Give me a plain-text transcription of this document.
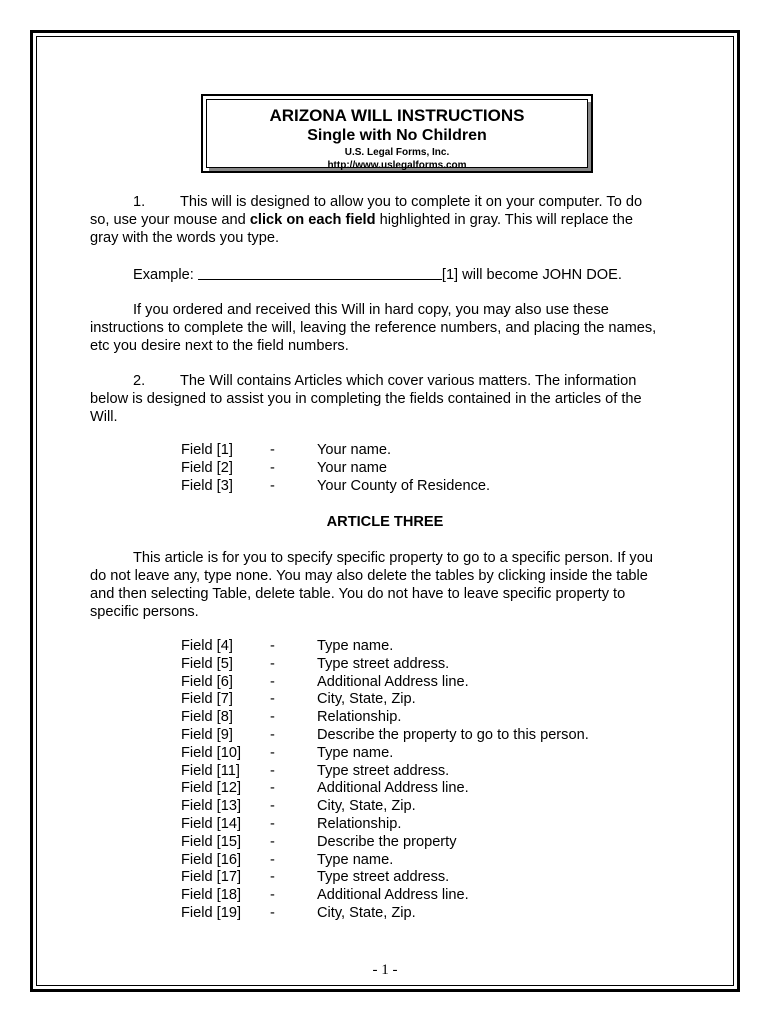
ARIZONA WILL INSTRUCTIONS
Single with No Children
U.S. Legal Forms, Inc.
http://www.uslegalforms.com
1. This will is designed to allow you to complete it on your computer. To do
so, use your mouse and click on each field highlighted in gray. This will replace the
gray with the words you type.
Example:	[1] will become JOHN DOE.
If you ordered and received this Will in hard copy, you may also use these
instructions to complete the will, leaving the reference numbers, and placing the names,
etc you desire next to the field numbers.
2. The Will contains Articles which cover various matters. The information
below is designed to assist you in completing the fields contained in the articles of the
Will.
Field [1]	-	Your name.
Field [2]	-	Your name
Field [3]	-	Your County of Residence.
ARTICLE THREE
This article is for you to specify specific property to go to a specific person. If you
do not leave any, type none. You may also delete the tables by clicking inside the table
and then selecting Table, delete table. You do not have to leave specific property to
specific persons.
Field [4]	-	Type name.
Field [5]	-	Type street address.
Field [6]	-	Additional Address line.
Field [7]	-	City, State, Zip.
Field [8]	-	Relationship.
Field [9]	-	Describe the property to go to this person.
Field [10]	-	Type name.
Field [11]	-	Type street address.
Field [12]	-	Additional Address line.
Field [13]	-	City, State, Zip.
Field [14]	-	Relationship.
Field [15]	-	Describe the property
Field [16]	-	Type name.
Field [17]	-	Type street address.
Field [18]	-	Additional Address line.
Field [19]	-	City, State, Zip.
- 1 -
